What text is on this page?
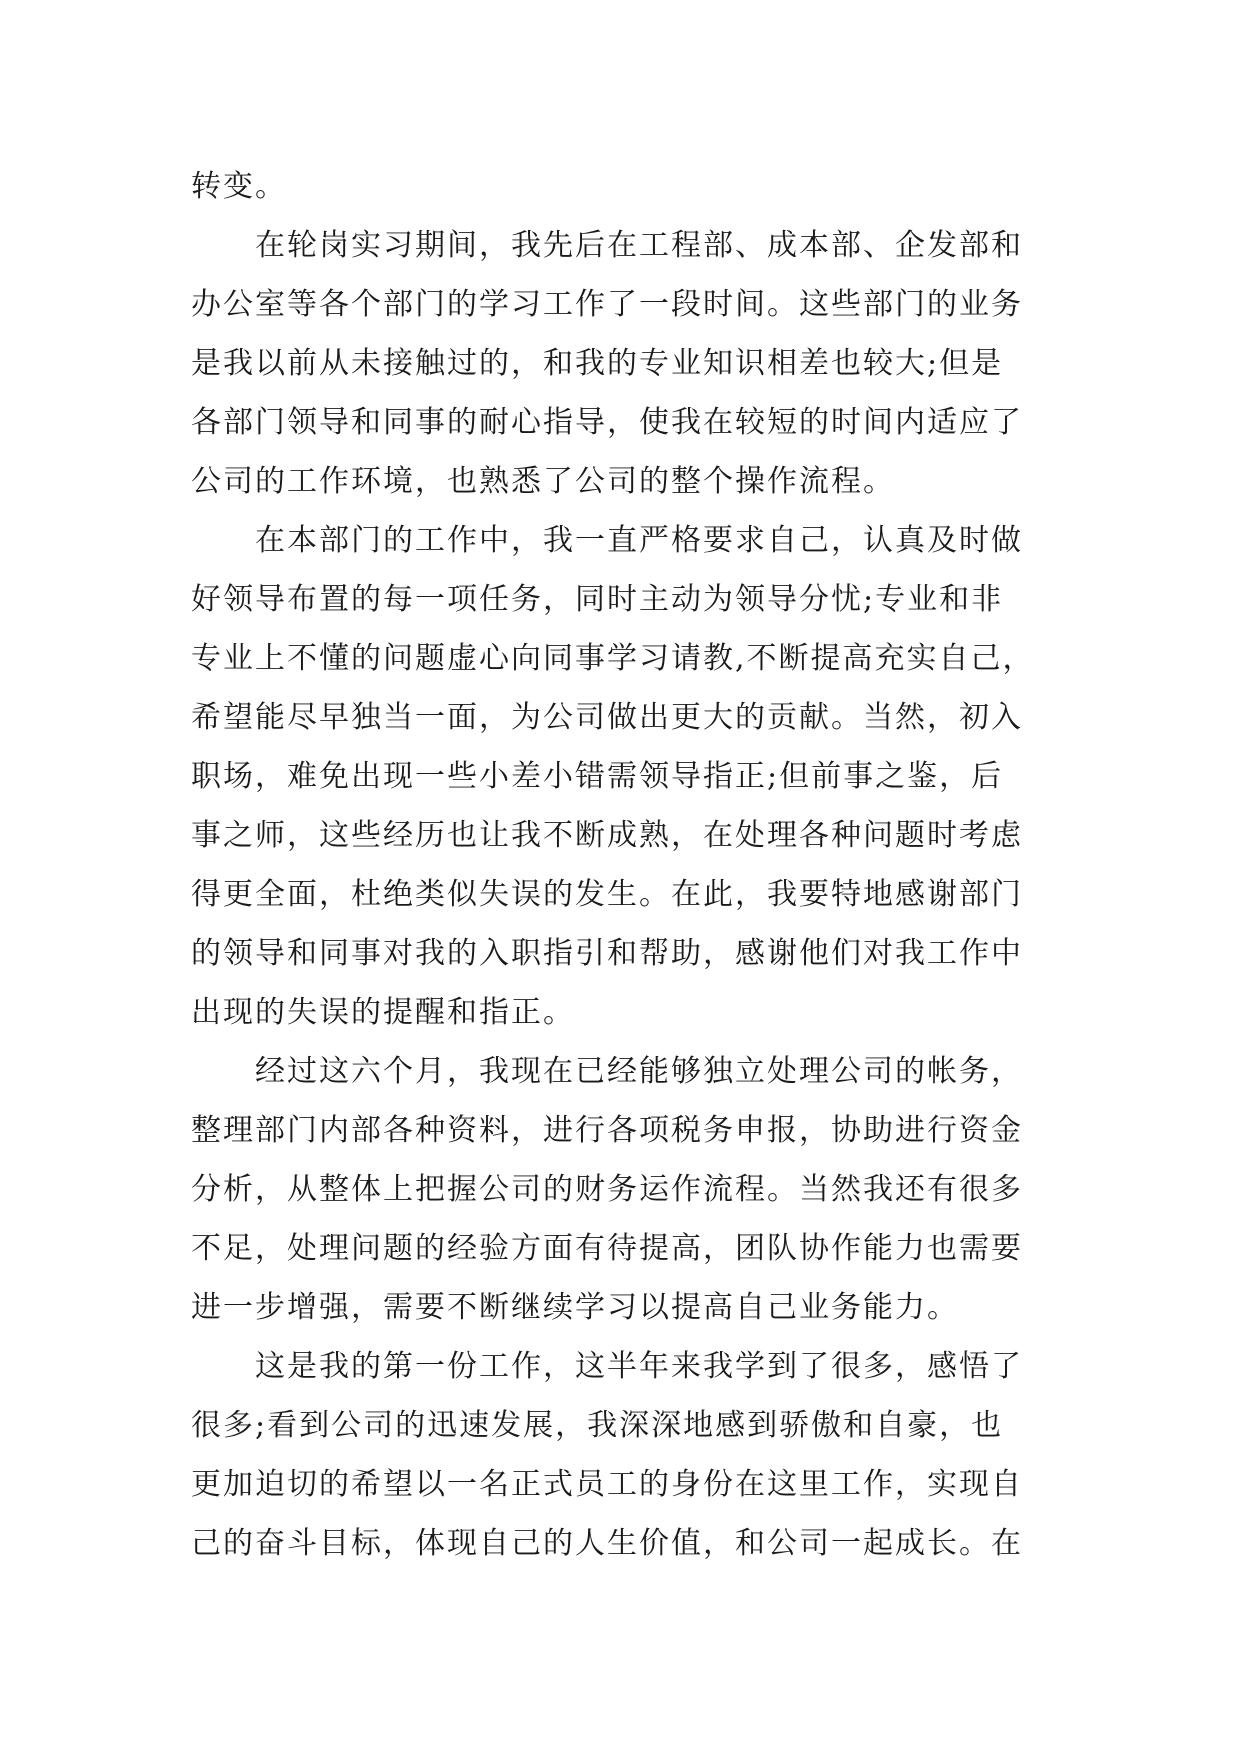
转变。
在轮岗实习期间，我先后在工程部、成本部、企发部和
办公室等各个部门的学习工作了一段时间。这些部门的业务
是我以前从未接触过的，和我的专业知识相差也较大;但是
各部门领导和同事的耐心指导，使我在较短的时间内适应了
公司的工作环境，也熟悉了公司的整个操作流程。
在本部门的工作中，我一直严格要求自己，认真及时做
好领导布置的每一项任务，同时主动为领导分忧;专业和非
专业上不懂的问题虚心向同事学习请教,不断提高充实自己，
希望能尽早独当一面，为公司做出更大的贡献。当然，初入
职场，难免出现一些小差小错需领导指正;但前事之鉴，后
事之师，这些经历也让我不断成熟，在处理各种问题时考虑
得更全面，杜绝类似失误的发生。在此，我要特地感谢部门
的领导和同事对我的入职指引和帮助，感谢他们对我工作中
出现的失误的提醒和指正。
经过这六个月，我现在已经能够独立处理公司的帐务，
整理部门内部各种资料，进行各项税务申报，协助进行资金
分析，从整体上把握公司的财务运作流程。当然我还有很多
不足，处理问题的经验方面有待提高，团队协作能力也需要
进一步增强，需要不断继续学习以提高自己业务能力。
这是我的第一份工作，这半年来我学到了很多，感悟了
很多;看到公司的迅速发展，我深深地感到骄傲和自豪，也
更加迫切的希望以一名正式员工的身份在这里工作，实现自
己的奋斗目标，体现自己的人生价值，和公司一起成长。在
